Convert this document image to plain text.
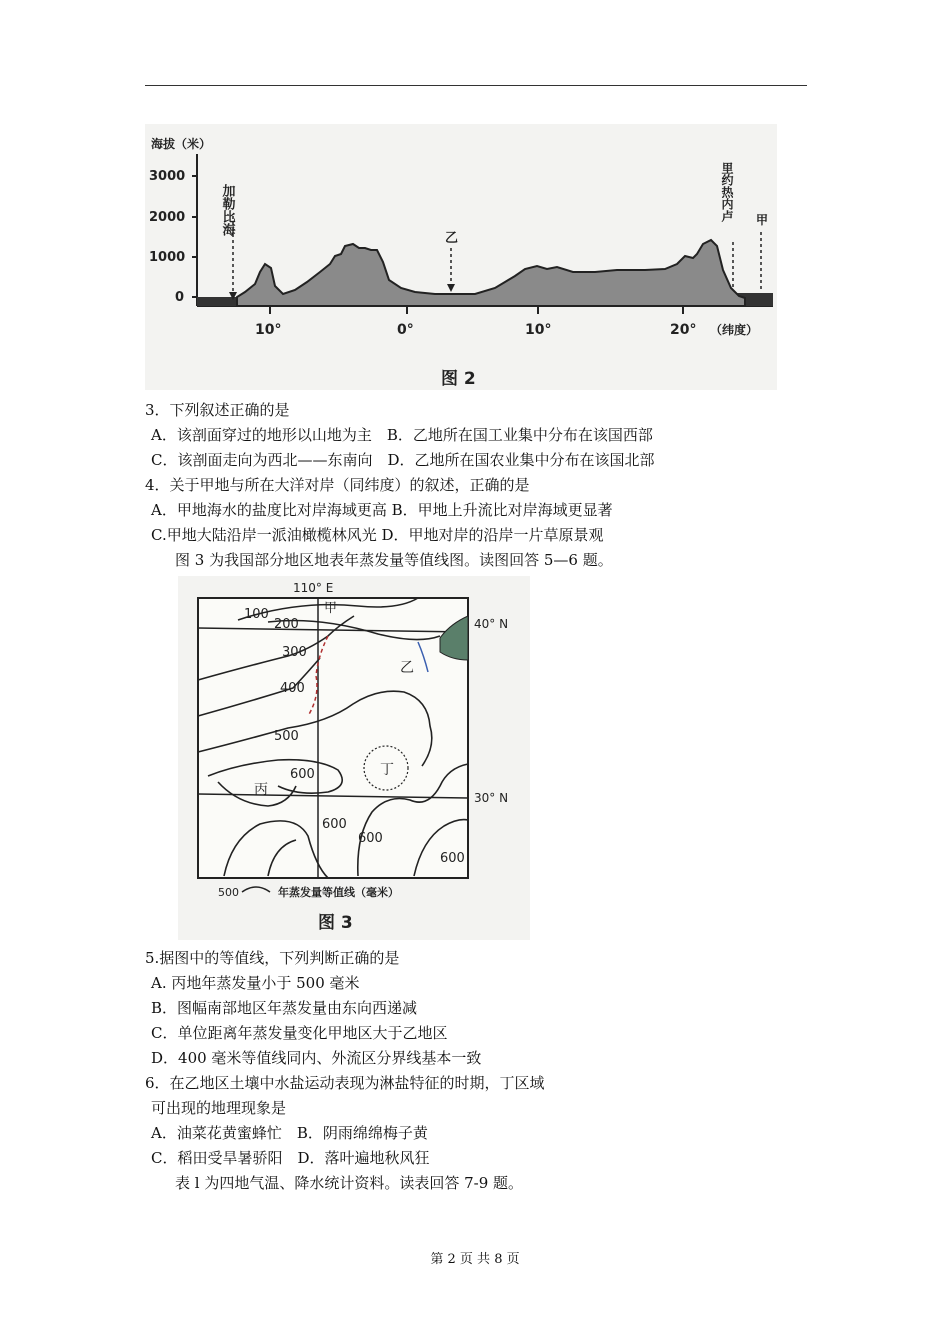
海拔（米）
3000
2000
1000
0
加勒比海
乙
里约热内卢 甲
10°	0°	10°	20° （纬度）
图 2
3．下列叙述正确的是
A．该剖面穿过的地形以山地为主　B．乙地所在国工业集中分布在该国西部
C．该剖面走向为西北——东南向　D．乙地所在国农业集中分布在该国北部
4．关于甲地与所在大洋对岸（同纬度）的叙述，正确的是
A．甲地海水的盐度比对岸海域更高 B．甲地上升流比对岸海域更显著
C.甲地大陆沿岸一派油橄榄林风光 D．甲地对岸的沿岸一片草原景观
图 3 为我国部分地区地表年蒸发量等值线图。读图回答 5—6 题。
110° E
40° N
30° N
100
200
300
400
500
600
600
600
600
甲
乙
丙
丁
500	年蒸发量等值线（毫米）
图 3
5.据图中的等值线，下列判断正确的是
A. 丙地年蒸发量小于 500 毫米
B．图幅南部地区年蒸发量由东向西递减
C．单位距离年蒸发量变化甲地区大于乙地区
D．400 毫米等值线同内、外流区分界线基本一致
6．在乙地区土壤中水盐运动表现为淋盐特征的时期，丁区域
可出现的地理现象是
A．油菜花黄蜜蜂忙　B．阴雨绵绵梅子黄
C．稻田受旱暑骄阳　D．落叶遍地秋风狂
表 l 为四地气温、降水统计资料。读表回答 7-9 题。
第 2 页 共 8 页
